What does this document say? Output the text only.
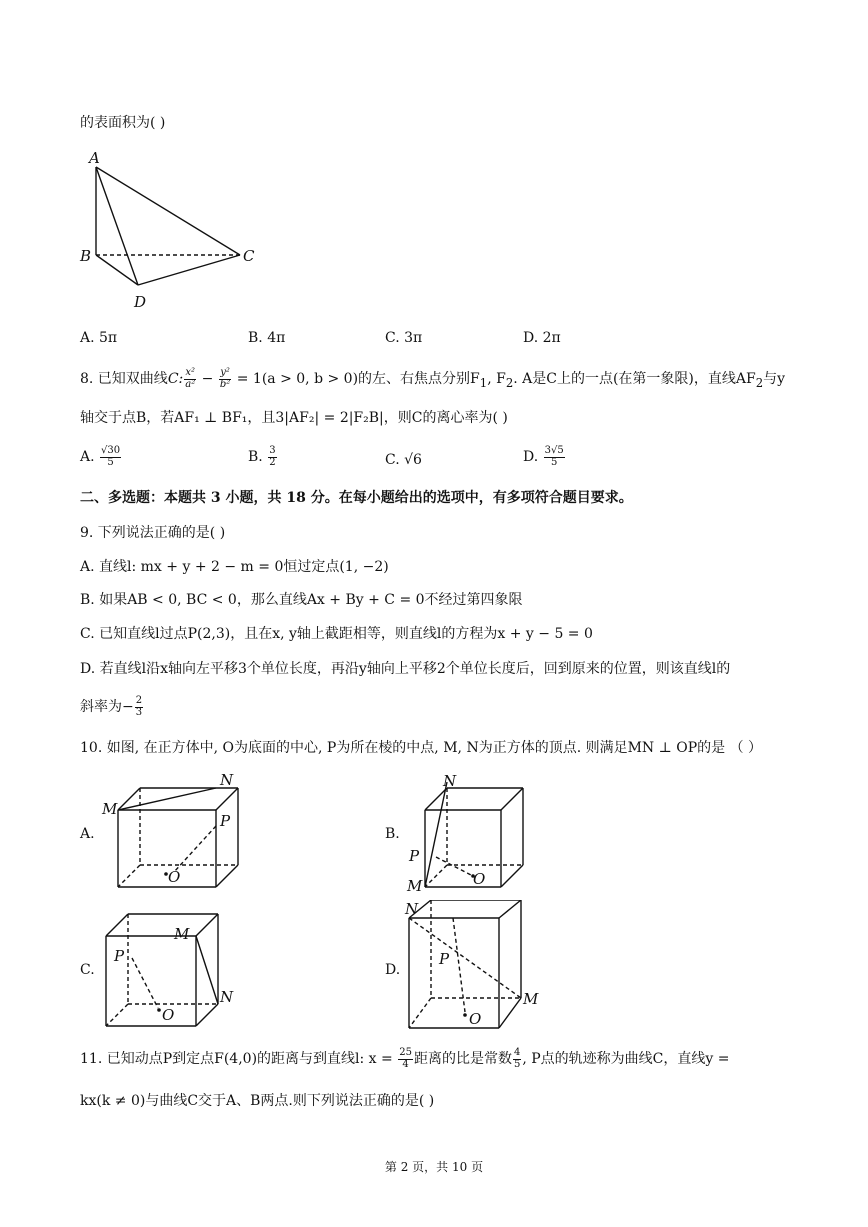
的表面积为( )
A
B	C
D
A. 5π	B. 4π	C. 3π	D. 2π
8. 已知双曲线C: $\frac{\text{x²}}{\text{a²}} - \frac{\text{y²}}{\text{b²}} = 1(a > 0$, b > 0)的左、右焦点分别$F_1$, $F_2$. A是C上的一点(在第一象限)，直线$AF_2$与y
轴交于点B，若AF₁ ⊥ BF₁，且3|AF₂| = 2|F₂B|，则C的离心率为( )
A. $\frac{√30}{5}$	B. $\frac{3}{2}$	C. √6	D. $\frac{3√5}{5}$
二、多选题：本题共 3 小题，共 18 分。在每小题给出的选项中，有多项符合题目要求。
9. 下列说法正确的是( )
A. 直线l: mx + y + 2 − m = 0恒过定点(1, −2)
B. 如果AB < 0, BC < 0，那么直线Ax + By + C = 0不经过第四象限
C. 已知直线l过点P(2,3)，且在x, y轴上截距相等，则直线l的方程为x + y − 5 = 0
D. 若直线l沿x轴向左平移3个单位长度，再沿y轴向上平移2个单位长度后，回到原来的位置，则该直线l的
斜率为− $\frac{2}{3}$
10. 如图, 在正方体中, O为底面的中心, P为所在棱的中点, M, N为正方体的顶点. 则满足MN ⊥ OP的是 （ ）
A.
M
N
P
O
B.
N
P
M	O
C.
M
P
N
O
D.
N
P
M
O
11. 已知动点P到定点F(4,0)的距离与到直线l: $x = \frac{25}{4}$ 距离的比是常数 $\frac{4}{5}$ , P点的轨迹称为曲线C，直线y =
kx(k ≠ 0)与曲线C交于A、B两点.则下列说法正确的是( )
第 2 页，共 10 页
